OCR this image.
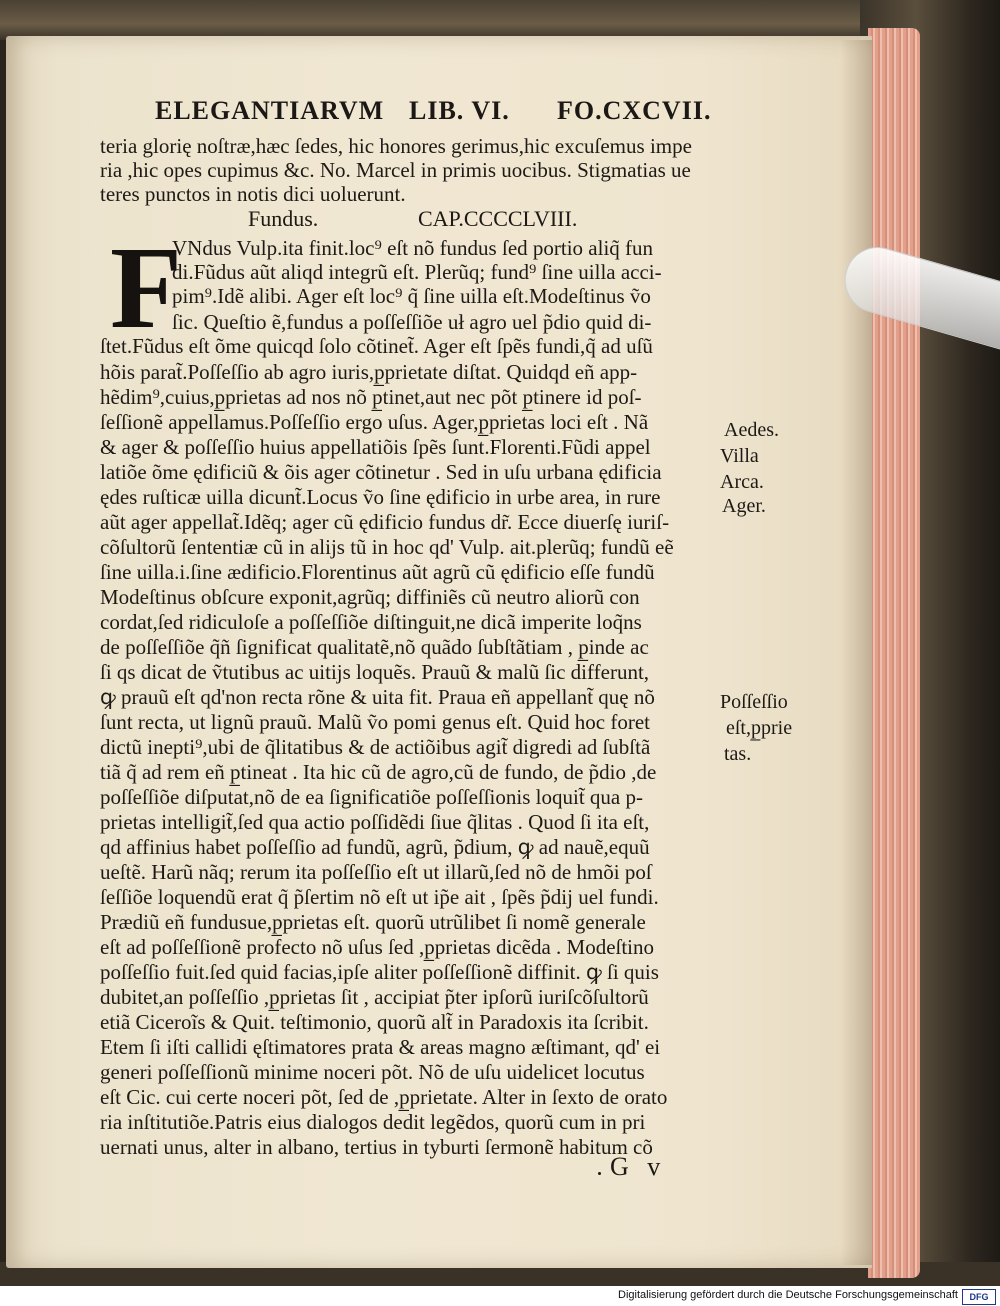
ELEGANTIARVM LIB. VI. FO.CXCVII.
teria glorię noſtræ,hæc ſedes, hic honores gerimus,hic excuſemus impe
ria ,hic opes cupimus &c. No. Marcel in primis uocibus. Stigmatias ue
teres punctos in notis dici uoluerunt.
Fundus.	CAP.CCCCLVIII.
F
VNdus Vulp.ita finit.loc⁹ eſt nõ fundus ſed portio aliq̃ fun
di.Fũdus aũt aliqd integrũ eſt. Plerũq; fund⁹ ſine uilla acci-
pim⁹.Idẽ alibi. Ager eſt loc⁹ q̃ ſine uilla eſt.Modeſtinus ṽo
ſic. Queſtio ẽ,fundus a poſſeſſiõe uł agro uel p̃dio quid di-
ſtet.Fũdus eſt õme quicqd ſolo cõtinet̃. Ager eſt ſpẽs fundi,q̃ ad uſũ
hõis parat̃.Poſſeſſio ab agro iuris,p̲prietate diſtat. Quidqd eñ app-
hẽdim⁹,cuius,p̲prietas ad nos nõ p̲tinet,aut nec põt p̲tinere id poſ-
ſeſſionẽ appellamus.Poſſeſſio ergo uſus. Ager,p̲prietas loci eſt . Nã
& ager & poſſeſſio huius appellatiõis ſpẽs ſunt.Florenti.Fũdi appel
latiõe õme ędificiũ & õis ager cõtinetur . Sed in uſu urbana ędificia
ędes ruſticæ uilla dicunt̃.Locus ṽo ſine ędificio in urbe area, in rure
aũt ager appellat̃.Idẽq; ager cũ ędificio fundus dr̃. Ecce diuerſę iuriſ-
cõſultorũ ſententiæ cũ in alijs tũ in hoc qd' Vulp. ait.plerũq; fundũ eẽ
ſine uilla.i.ſine ædificio.Florentinus aũt agrũ cũ ędificio eſſe fundũ
Modeſtinus obſcure exponit,agrũq; diffiniẽs cũ neutro aliorũ con
cordat,ſed ridiculoſe a poſſeſſiõe diſtinguit,ne dicã imperite loq̃ns
de poſſeſſiõe q̃ñ ſignificat qualitatẽ,nõ quãdo ſubſtãtiam , p̲inde ac
ſi qs dicat de ṽtutibus ac uitijs loquẽs. Prauũ & malũ ſic differunt,
ꝙ prauũ eſt qd'non recta rõne & uita fit. Praua eñ appellant̃ quę nõ
ſunt recta, ut lignũ prauũ. Malũ ṽo pomi genus eſt. Quid hoc foret
dictũ inepti⁹,ubi de q̃litatibus & de actiõibus agit̃ digredi ad ſubſtã
tiã q̃ ad rem eñ p̲tineat . Ita hic cũ de agro,cũ de fundo, de p̃dio ,de
poſſeſſiõe diſputat,nõ de ea ſignificatiõe poſſeſſionis loquit̃ qua p-
prietas intelligit̃,ſed qua actio poſſidẽdi ſiue q̃litas . Quod ſi ita eſt,
qd affinius habet poſſeſſio ad fundũ, agrũ, p̃dium, ꝙ ad nauẽ,equũ
ueſtẽ. Harũ nãq; rerum ita poſſeſſio eſt ut illarũ,ſed nõ de hmõi poſ
ſeſſiõe loquendũ erat q̃ p̃ſertim nõ eſt ut ip̃e ait , ſpẽs p̃dij uel fundi.
Prædiũ eñ fundusue,p̲prietas eſt. quorũ utrũlibet ſi nomẽ generale
eſt ad poſſeſſionẽ profecto nõ uſus ſed ,p̲prietas dicẽda . Modeſtino
poſſeſſio fuit.ſed quid facias,ipſe aliter poſſeſſionẽ diffinit. ꝙ ſi quis
dubitet,an poſſeſſio ,p̲prietas ſit , accipiat p̃ter ipſorũ iuriſcõſultorũ
etiã Ciceroĩs & Quit. teſtimonio, quorũ alt̃ in Paradoxis ita ſcribit.
Etem ſi iſti callidi ęſtimatores prata & areas magno æſtimant, qd' ei
generi poſſeſſionũ minime noceri põt. Nõ de uſu uidelicet locutus
eſt Cic. cui certe noceri põt, ſed de ,p̲prietate. Alter in ſexto de orato
ria inſtitutiõe.Patris eius dialogos dedit legẽdos, quorũ cum in pri
uernati unus, alter in albano, tertius in tyburti ſermonẽ habitum cõ
Aedes.
Villa
Arca.
Ager.
Poſſeſſio
eſt,p̲prie
tas.
G v
Digitalisierung gefördert durch die Deutsche Forschungsgemeinschaft	DFG
